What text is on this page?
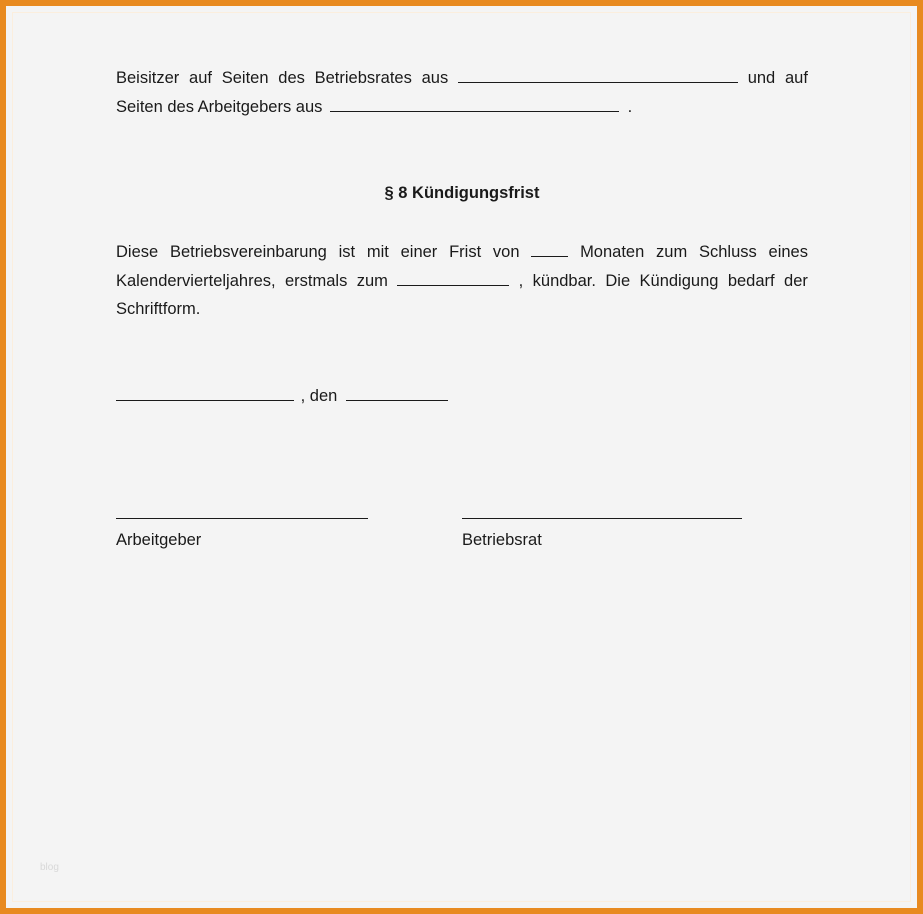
Beisitzer auf Seiten des Betriebsrates aus	und auf
Seiten des Arbeitgebers aus	.
§ 8 Kündigungsfrist
Diese Betriebsvereinbarung ist mit einer Frist von	Monaten zum Schluss eines
Kalendervierteljahres, erstmals zum	, kündbar. Die Kündigung bedarf der
Schriftform.
, den
Arbeitgeber	Betriebsrat
blog
